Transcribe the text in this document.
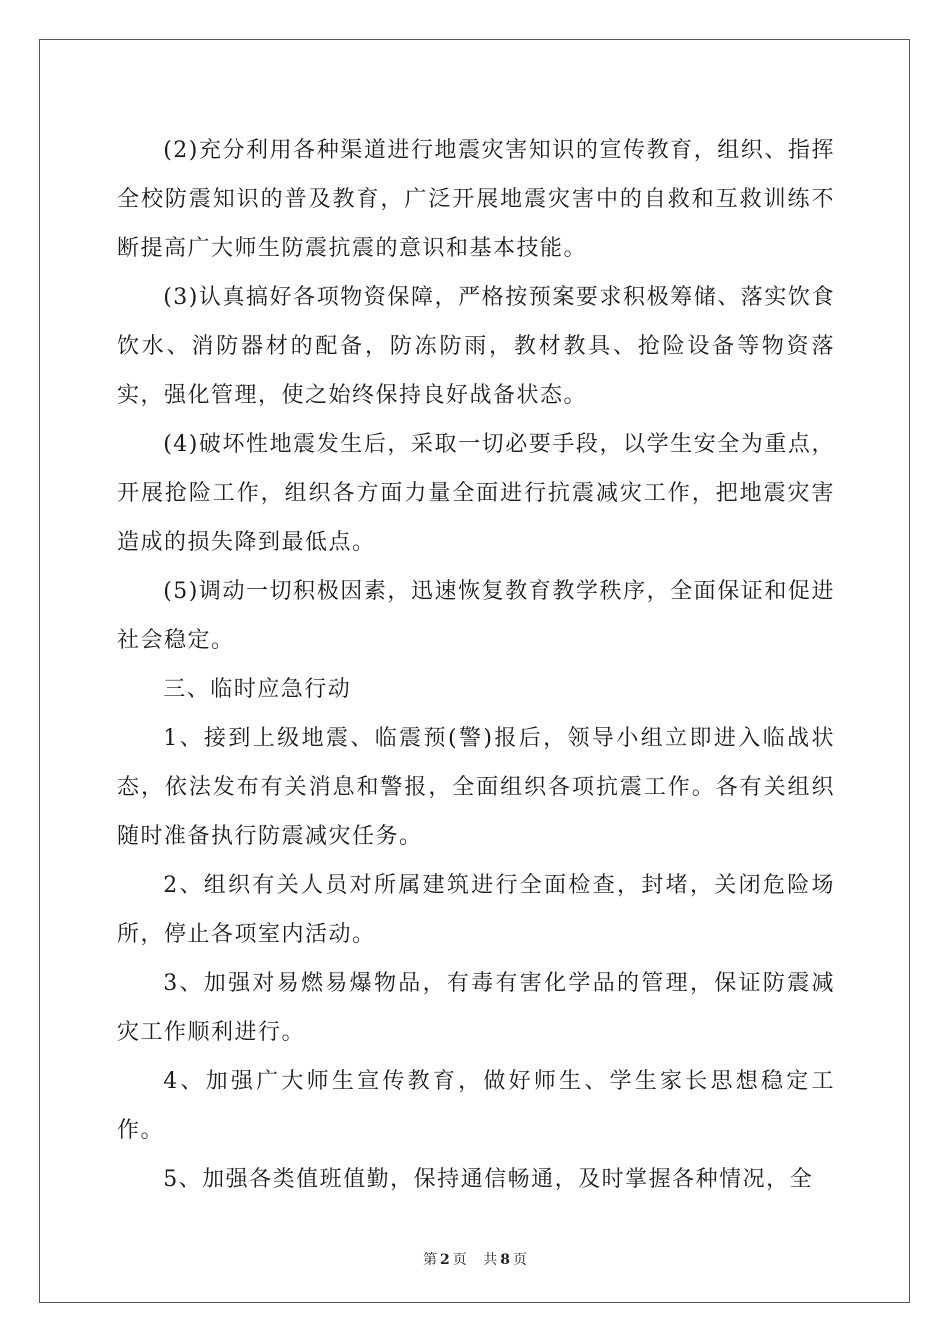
(2)充分利用各种渠道进行地震灾害知识的宣传教育，组织、指挥全校防震知识的普及教育，广泛开展地震灾害中的自救和互救训练不断提高广大师生防震抗震的意识和基本技能。

(3)认真搞好各项物资保障，严格按预案要求积极筹储、落实饮食饮水、消防器材的配备，防冻防雨，教材教具、抢险设备等物资落实，强化管理，使之始终保持良好战备状态。

(4)破坏性地震发生后，采取一切必要手段，以学生安全为重点，开展抢险工作，组织各方面力量全面进行抗震减灾工作，把地震灾害造成的损失降到最低点。

(5)调动一切积极因素，迅速恢复教育教学秩序，全面保证和促进社会稳定。

三、临时应急行动

1、接到上级地震、临震预(警)报后，领导小组立即进入临战状态，依法发布有关消息和警报，全面组织各项抗震工作。各有关组织随时准备执行防震减灾任务。

2、组织有关人员对所属建筑进行全面检查，封堵，关闭危险场所，停止各项室内活动。

3、加强对易燃易爆物品，有毒有害化学品的管理，保证防震减灾工作顺利进行。

4、加强广大师生宣传教育，做好师生、学生家长思想稳定工作。

5、加强各类值班值勤，保持通信畅通，及时掌握各种情况，全

第 2 页 共 8 页
